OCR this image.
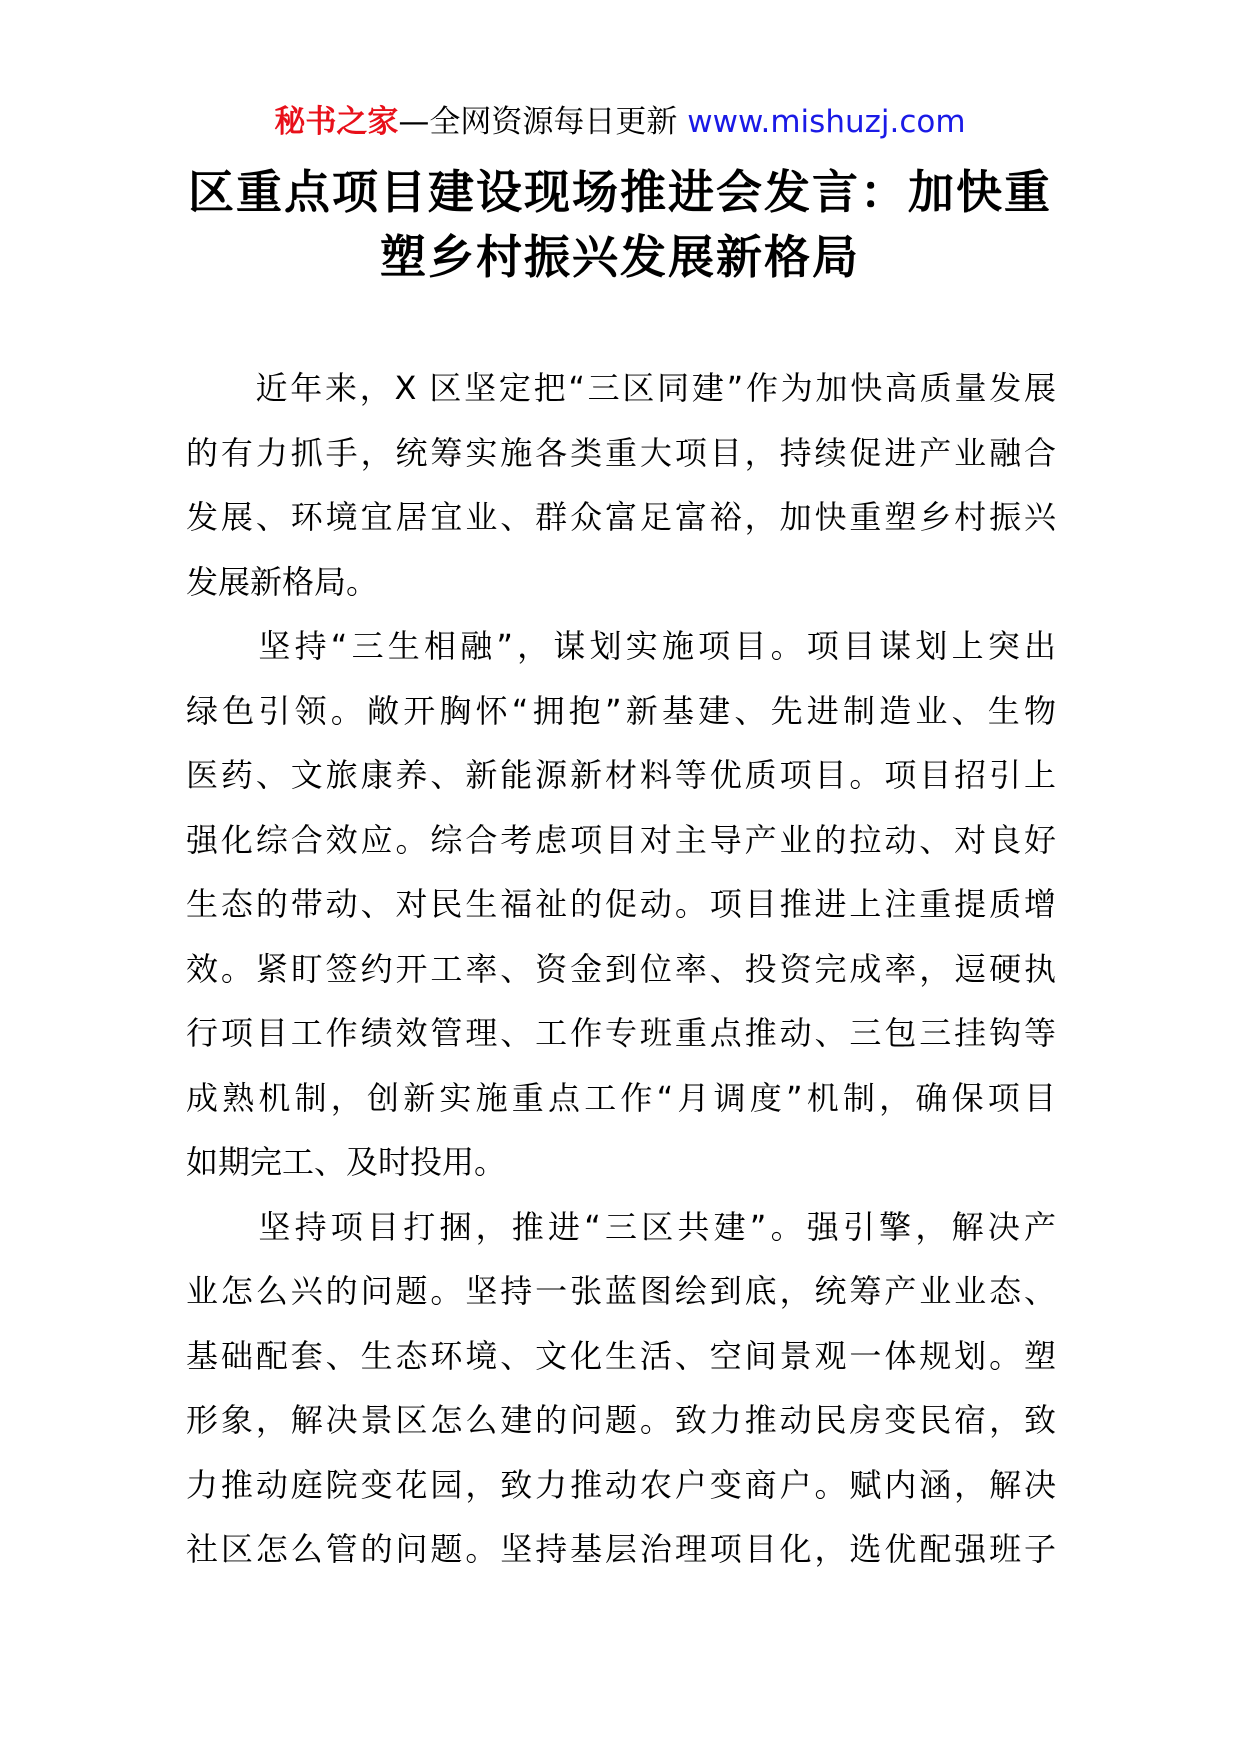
秘书之家—全网资源每日更新 www.mishuzj.com
区重点项目建设现场推进会发言：加快重
塑乡村振兴发展新格局
　　近年来，X 区坚定把“三区同建”作为加快高质量发展
的有力抓手，统筹实施各类重大项目，持续促进产业融合
发展、环境宜居宜业、群众富足富裕，加快重塑乡村振兴
发展新格局。
　　坚持“三生相融”，谋划实施项目。项目谋划上突出
绿色引领。敞开胸怀“拥抱”新基建、先进制造业、生物
医药、文旅康养、新能源新材料等优质项目。项目招引上
强化综合效应。综合考虑项目对主导产业的拉动、对良好
生态的带动、对民生福祉的促动。项目推进上注重提质增
效。紧盯签约开工率、资金到位率、投资完成率，逗硬执
行项目工作绩效管理、工作专班重点推动、三包三挂钩等
成熟机制，创新实施重点工作“月调度”机制，确保项目
如期完工、及时投用。
　　坚持项目打捆，推进“三区共建”。强引擎，解决产
业怎么兴的问题。坚持一张蓝图绘到底，统筹产业业态、
基础配套、生态环境、文化生活、空间景观一体规划。塑
形象，解决景区怎么建的问题。致力推动民房变民宿，致
力推动庭院变花园，致力推动农户变商户。赋内涵，解决
社区怎么管的问题。坚持基层治理项目化，选优配强班子
